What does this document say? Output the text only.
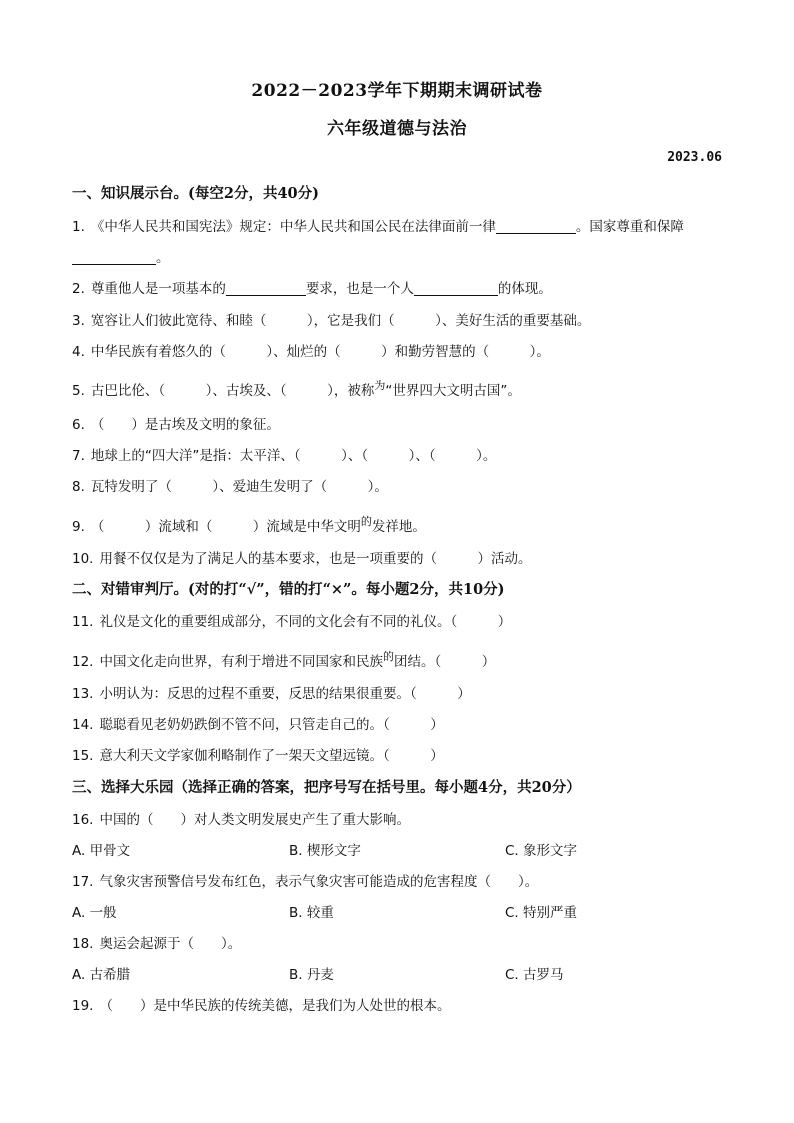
2022－2023学年下期期末调研试卷
六年级道德与法治
2023.06
一、知识展示台。(每空2分，共40分)
1. 《中华人民共和国宪法》规定：中华人民共和国公民在法律面前一律	。国家尊重和保障
。
2. 尊重他人是一项基本的	要求，也是一个人	的体现。
3. 宽容让人们彼此宽待、和睦（　　　），它是我们（　　　）、美好生活的重要基础。
4. 中华民族有着悠久的（　　　）、灿烂的（　　　）和勤劳智慧的（　　　）。
5. 古巴比伦、（　　　）、古埃及、（　　　），被称$^为$“世界四大文明古国”。
6. （　　）是古埃及文明的象征。
7. 地球上的“四大洋”是指：太平洋、（　　　）、（　　　）、（　　　）。
8. 瓦特发明了（　　　）、爱迪生发明了（　　　）。
9. （　　　）流域和（　　　）流域是中华文明$^的$发祥地。
10. 用餐不仅仅是为了满足人的基本要求，也是一项重要的（　　　）活动。
二、对错审判厅。(对的打“√”，错的打“×”。每小题2分，共10分)
11. 礼仪是文化的重要组成部分，不同的文化会有不同的礼仪。（　　　）
12. 中国文化走向世界，有利于增进不同国家和民族$^的$团结。（　　　）
13. 小明认为：反思的过程不重要，反思的结果很重要。（　　　）
14. 聪聪看见老奶奶跌倒不管不问，只管走自己的。（　　　）
15. 意大利天文学家伽利略制作了一架天文望远镜。（　　　）
三、选择大乐园（选择正确的答案，把序号写在括号里。每小题4分，共20分）
16. 中国的（　　）对人类文明发展史产生了重大影响。
A. 甲骨文	B. 楔形文字	C. 象形文字
17. 气象灾害预警信号发布红色，表示气象灾害可能造成的危害程度（　　）。
A. 一般	B. 较重	C. 特别严重
18. 奥运会起源于（　　）。
A. 古希腊	B. 丹麦	C. 古罗马
19. （　　）是中华民族的传统美德，是我们为人处世的根本。
